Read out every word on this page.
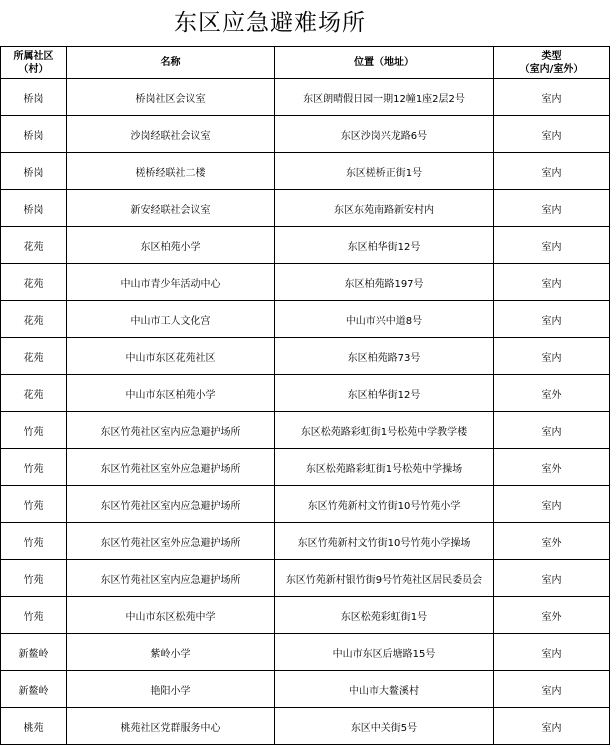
东区应急避难场所
所属社区
（村）	名称	位置（地址）	类型
（室内/室外）

桥岗	桥岗社区会议室	东区朗晴假日园一期12幢1座2层2号	室内
桥岗	沙岗经联社会议室	东区沙岗兴龙路6号	室内
桥岗	槎桥经联社二楼	东区槎桥正街1号	室内
桥岗	新安经联社会议室	东区东苑南路新安村内	室内
花苑	东区柏苑小学	东区柏华街12号	室内
花苑	中山市青少年活动中心	东区柏苑路197号	室内
花苑	中山市工人文化宫	中山市兴中道8号	室内
花苑	中山市东区花苑社区	东区柏苑路73号	室内
花苑	中山市东区柏苑小学	东区柏华街12号	室外
竹苑	东区竹苑社区室内应急避护场所	东区松苑路彩虹街1号松苑中学教学楼	室内
竹苑	东区竹苑社区室外应急避护场所	东区松苑路彩虹街1号松苑中学操场	室外
竹苑	东区竹苑社区室内应急避护场所	东区竹苑新村文竹街10号竹苑小学	室内
竹苑	东区竹苑社区室外应急避护场所	东区竹苑新村文竹街10号竹苑小学操场	室外
竹苑	东区竹苑社区室内应急避护场所	东区竹苑新村银竹街9号竹苑社区居民委员会	室内
竹苑	中山市东区松苑中学	东区松苑彩虹街1号	室外
新鳌岭	紫岭小学	中山市东区后塘路15号	室内
新鳌岭	艳阳小学	中山市大鳌溪村	室内
桃苑	桃苑社区党群服务中心	东区中关街5号	室内
